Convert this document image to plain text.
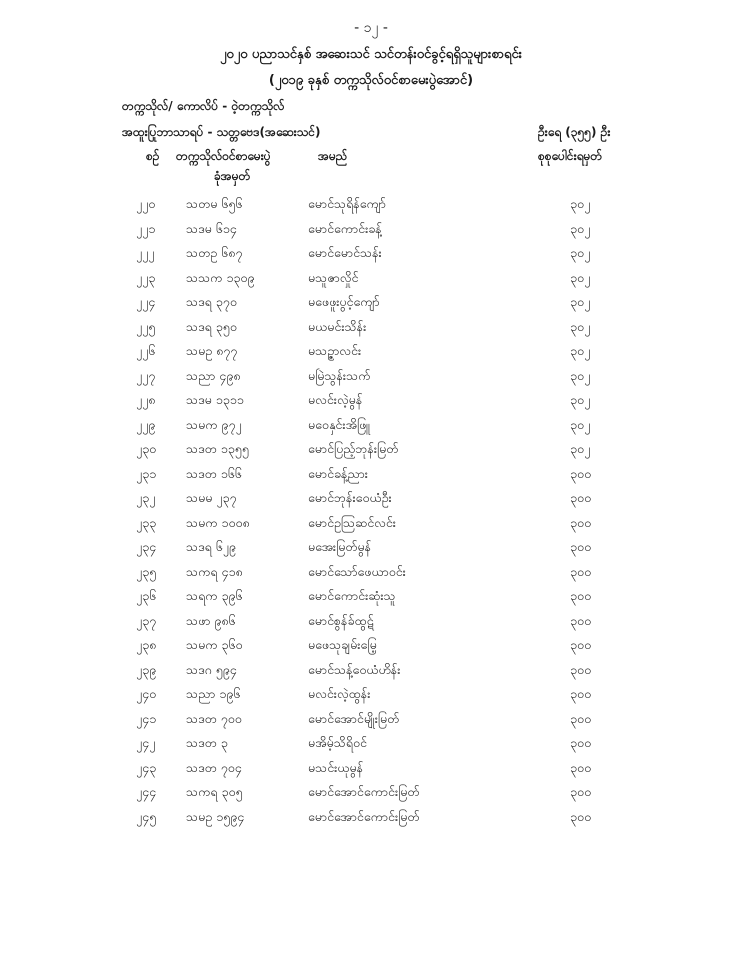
- ၁၂ -
၂၀၂၀ ပညာသင်နှစ် အဆေးသင် သင်တန်းဝင်ခွင့်ရရှိသူများစာရင်း
(၂၀၁၉ ခုနှစ် တက္ကသိုလ်ဝင်စာမေးပွဲအောင်)
တက္ကသိုလ်/ ကောလိပ် - ဝဲ့တက္ကသိုလ်
အထူးပြုဘာသာရပ် - သတ္တဗေဒ(အဆေးသင်)	ဦးရေ (၃၅၅) ဦး
စဉ် တက္ကသိုလ်ဝင်စာမေးပွဲ	အမည်	စုစုပေါင်းရမှတ်
ခုံအမှတ်
၂၂၀ သတမ ၆၅၆	မောင်သုရိန်ကျော်	၃၀၂
၂၂၁ သဒမ ၆၁၄	မောင်ကောင်းခန့်	၃၀၂
၂၂၂	သတဥ ၆၈၇	မောင်မောင်သန်း	၃၀၂
၂၂၃ သသက ၁၃၀၉	မသူဇာလှိုင်	၃၀၂
၂၂၄ သဒရ ၃၇၀	မဖေဖူးပွင့်ကျော်	၃၀၂
၂၂၅ သဒရ ၃၅၀	မယမင်းသိန်း	၃၀၂
၂၂၆ သမဥ ၈၇၇	မသဉ္ဇာလင်း	၃၀၂
၂၂၇ သညာ ၄၉၈	မမြဲသွန်းသက်	၃၀၂
၂၂၈ သဒမ ၁၃၁၁	မလင်းလဲ့မွန်	၃၀၂
၂၂၉ သမက ၉၇၂	မဝေနှင်းအိဖြူ	၃၀၂
၂၃၀ သဒတ ၁၃၅၅	မောင်ပြည့်ဘုန်းမြတ်	၃၀၂
၂၃၁ သဒတ ၁၆၆	မောင်ခန့်ညား	၃၀၀
၂၃၂ သမမ ၂၃၇	မောင်ဘုန်းဝေယံဦး	၃၀၀
၂၃၃ သမက ၁၀၀၈	မောင်ဥဩဆင်လင်း	၃၀၀
၂၃၄ သဒရ ၆၂၉	မအေးမြတ်မွန်	၃၀၀
၂၃၅ သကရ ၄၁၈	မောင်သော်ဖေယာဝင်း	၃၀၀
၂၃၆ သရက ၃၉၆	မောင်ကောင်းဆုံးသူ	၃၀၀
၂၃၇ သဖာ ၉၈၆	မောင်စွန်ခ်ထွဋ်	၃၀၀
၂၃၈ သမက ၃၆၀	မဖေသုချမ်းမြေ့	၃၀၀
၂၃၉ သဒဂ ၅၉၄	မောင်သန့်ဝေယံဟိန်း	၃၀၀
၂၄၀ သညာ ၁၉၆	မလင်းလဲ့ထွန်း	၃၀၀
၂၄၁ သဒတ ၇၀၀	မောင်အောင်မျိုးမြတ်	၃၀၀
၂၄၂ သဒတ ၃	မအိမ့်သိရိဝင်	၃၀၀
၂၄၃ သဒတ ၇၀၄	မသင်းယုမွန်	၃၀၀
၂၄၄ သကရ ၃၀၅	မောင်အောင်ကောင်းမြတ်	၃၀၀
၂၄၅ သမဥ ၁၅၉၄	မောင်အောင်ကောင်းမြတ်	၃၀၀
